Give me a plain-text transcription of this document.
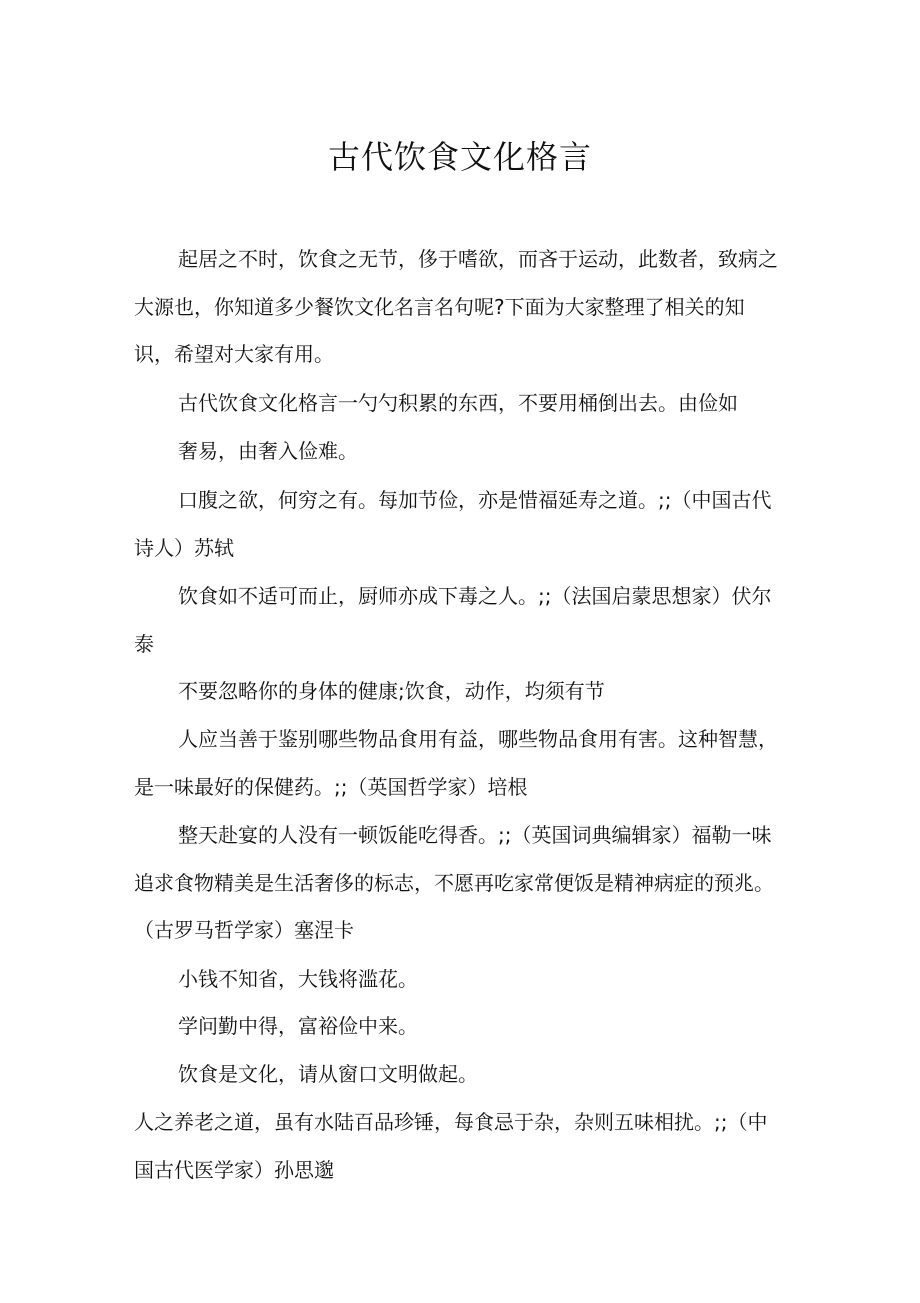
古代饮食文化格言

起居之不时，饮食之无节，侈于嗜欲，而吝于运动，此数者，致病之大源也，你知道多少餐饮文化名言名句呢?下面为大家整理了相关的知识，希望对大家有用。

古代饮食文化格言一勺勺积累的东西，不要用桶倒出去。由俭如

奢易，由奢入俭难。

口腹之欲，何穷之有。每加节俭，亦是惜福延寿之道。;;（中国古代诗人）苏轼

饮食如不适可而止，厨师亦成下毒之人。;;（法国启蒙思想家）伏尔泰

不要忽略你的身体的健康;饮食，动作，均须有节

人应当善于鉴别哪些物品食用有益，哪些物品食用有害。这种智慧，是一味最好的保健药。;;（英国哲学家）培根

整天赴宴的人没有一顿饭能吃得香。;;（英国词典编辑家）福勒一味追求食物精美是生活奢侈的标志，不愿再吃家常便饭是精神病症的预兆。（古罗马哲学家）塞涅卡

小钱不知省，大钱将滥花。

学问勤中得，富裕俭中来。

饮食是文化，请从窗口文明做起。

人之养老之道，虽有水陆百品珍锤，每食忌于杂，杂则五味相扰。;;（中国古代医学家）孙思邈
